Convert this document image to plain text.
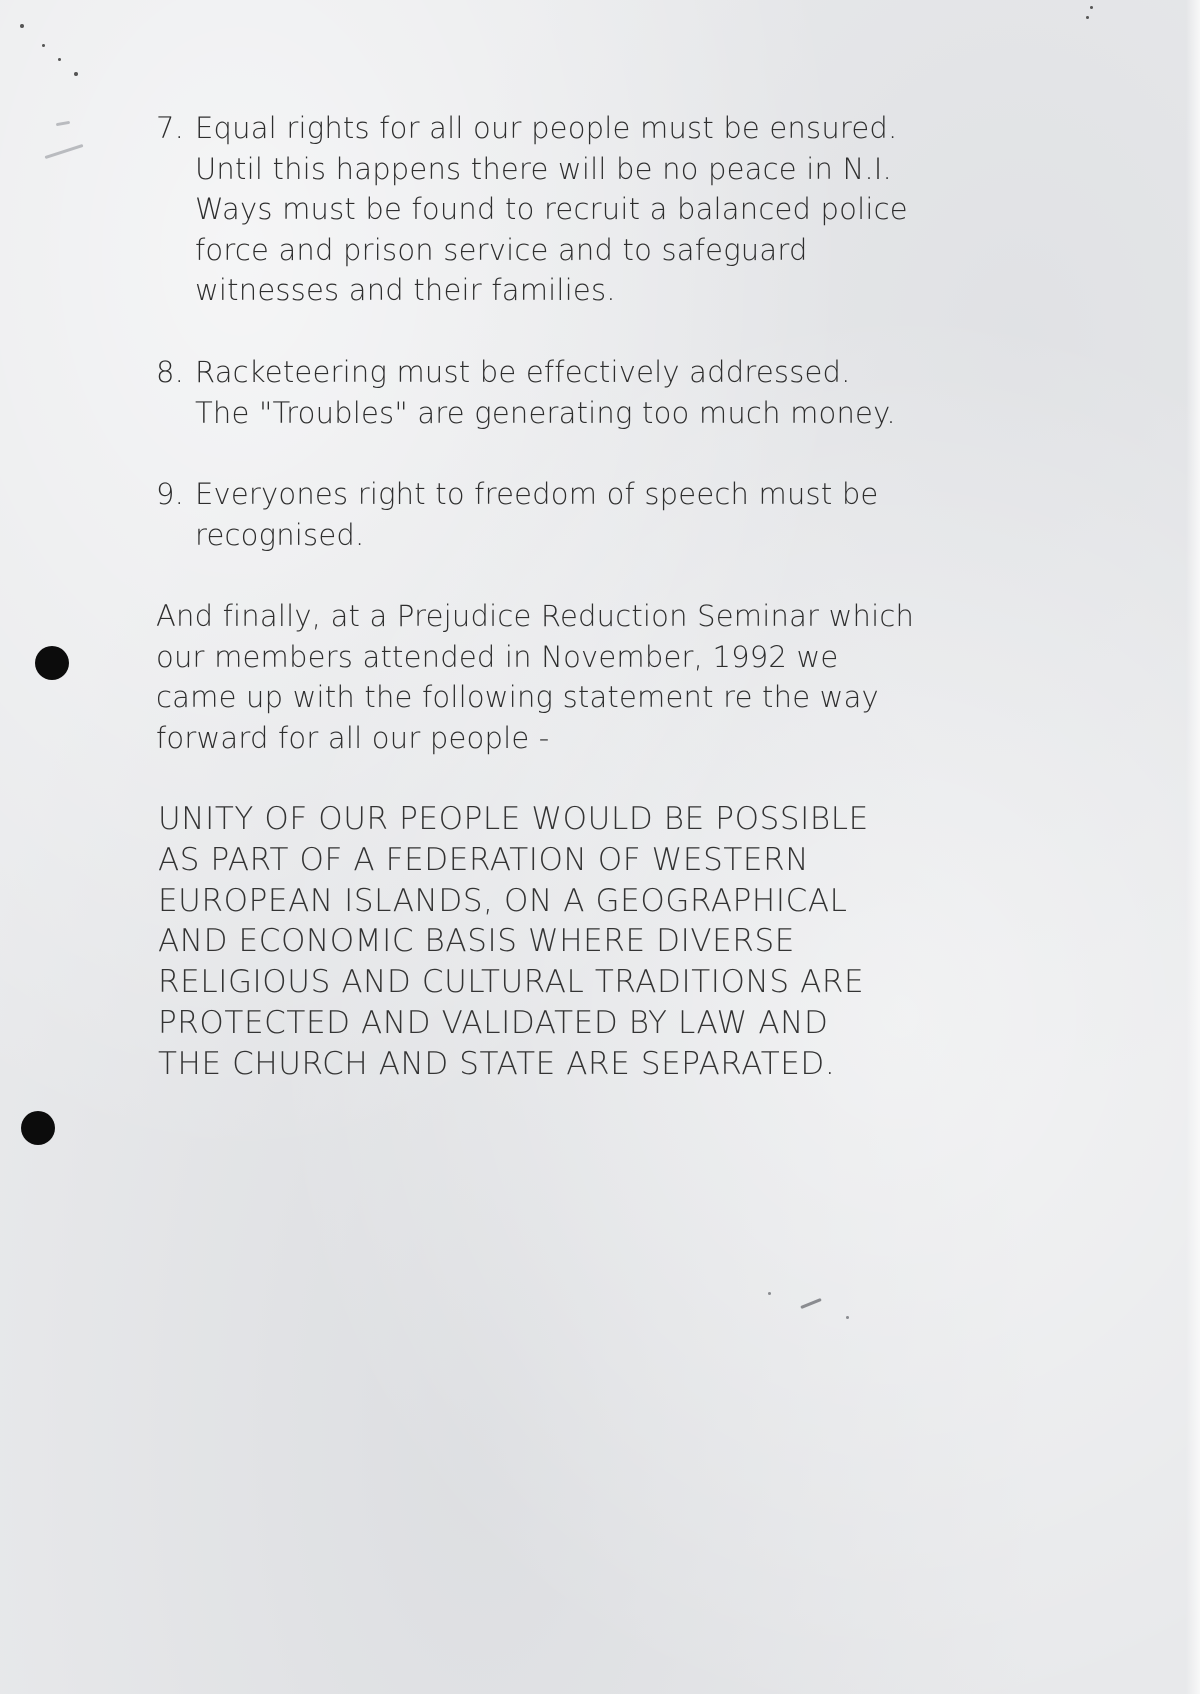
7. Equal rights for all our people must be ensured.
Until this happens there will be no peace in N.I.
Ways must be found to recruit a balanced police
force and prison service and to safeguard
witnesses and their families.
8. Racketeering must be effectively addressed.
The "Troubles" are generating too much money.
9. Everyones right to freedom of speech must be
recognised.
And finally, at a Prejudice Reduction Seminar which
our members attended in November, 1992 we
came up with the following statement re the way
forward for all our people -
UNITY OF OUR PEOPLE WOULD BE POSSIBLE
AS PART OF A FEDERATION OF WESTERN
EUROPEAN ISLANDS, ON A GEOGRAPHICAL
AND ECONOMIC BASIS WHERE DIVERSE
RELIGIOUS AND CULTURAL TRADITIONS ARE
PROTECTED AND VALIDATED BY LAW AND
THE CHURCH AND STATE ARE SEPARATED.
